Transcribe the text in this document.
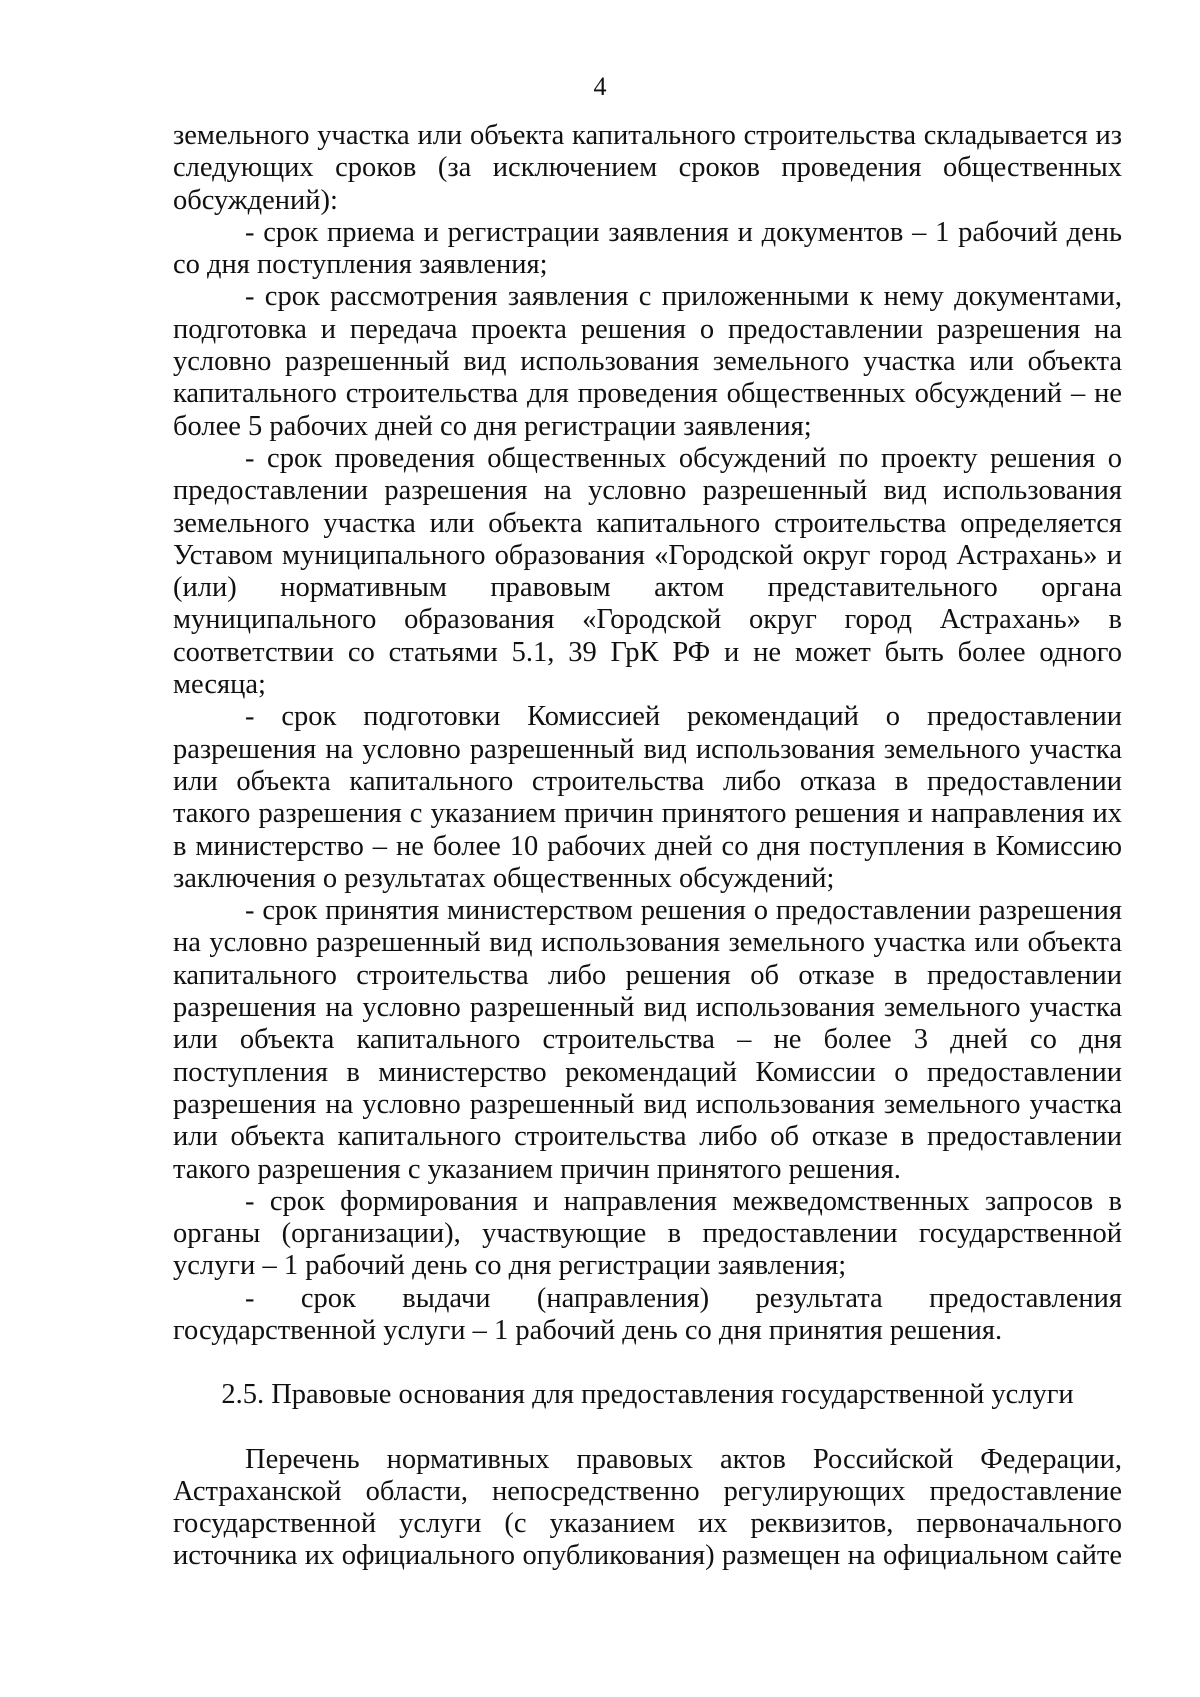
4

земельного участка или объекта капитального строительства складывается из следующих сроков (за исключением сроков проведения общественных обсуждений):

- срок приема и регистрации заявления и документов – 1 рабочий день со дня поступления заявления;

- срок рассмотрения заявления с приложенными к нему документами, подготовка и передача проекта решения о предоставлении разрешения на условно разрешенный вид использования земельного участка или объекта капитального строительства для проведения общественных обсуждений – не более 5 рабочих дней со дня регистрации заявления;

- срок проведения общественных обсуждений по проекту решения о предоставлении разрешения на условно разрешенный вид использования земельного участка или объекта капитального строительства определяется Уставом муниципального образования «Городской округ город Астрахань» и (или) нормативным правовым актом представительного органа муниципального образования «Городской округ город Астрахань» в соответствии со статьями 5.1, 39 ГрК РФ и не может быть более одного месяца;

- срок подготовки Комиссией рекомендаций о предоставлении разрешения на условно разрешенный вид использования земельного участка или объекта капитального строительства либо отказа в предоставлении такого разрешения с указанием причин принятого решения и направления их в министерство – не более 10 рабочих дней со дня поступления в Комиссию заключения о результатах общественных обсуждений;

- срок принятия министерством решения о предоставлении разрешения на условно разрешенный вид использования земельного участка или объекта капитального строительства либо решения об отказе в предоставлении разрешения на условно разрешенный вид использования земельного участка или объекта капитального строительства – не более 3 дней со дня поступления в министерство рекомендаций Комиссии о предоставлении разрешения на условно разрешенный вид использования земельного участка или объекта капитального строительства либо об отказе в предоставлении такого разрешения с указанием причин принятого решения.

- срок формирования и направления межведомственных запросов в органы (организации), участвующие в предоставлении государственной услуги – 1 рабочий день со дня регистрации заявления;

- срок выдачи (направления) результата предоставления государственной услуги – 1 рабочий день со дня принятия решения.

2.5. Правовые основания для предоставления государственной услуги

Перечень нормативных правовых актов Российской Федерации, Астраханской области, непосредственно регулирующих предоставление государственной услуги (с указанием их реквизитов, первоначального источника их официального опубликования) размещен на официальном сайте
